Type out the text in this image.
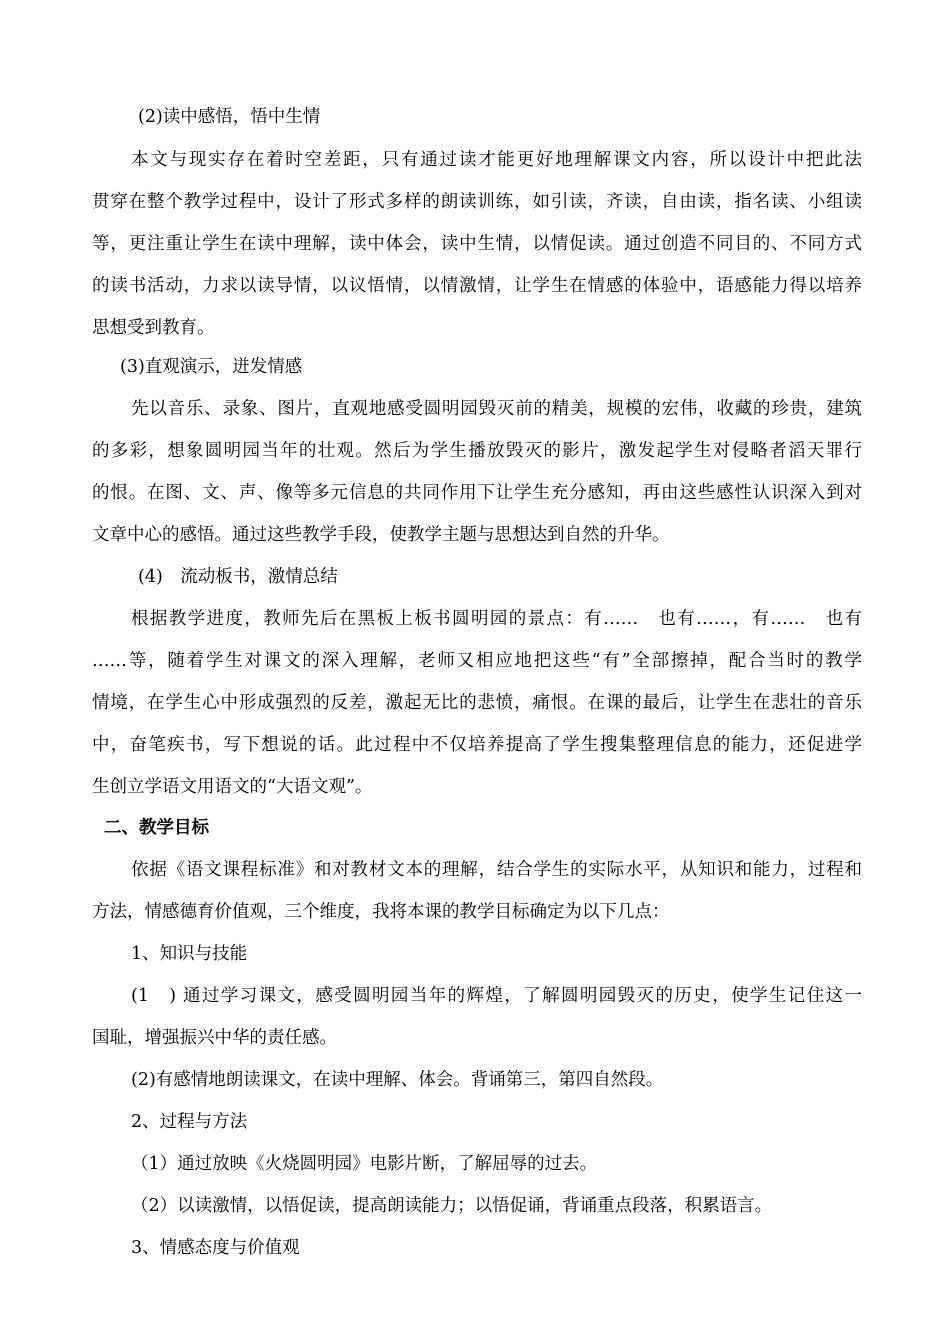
(2)读中感悟，悟中生情
本文与现实存在着时空差距，只有通过读才能更好地理解课文内容，所以设计中把此法
贯穿在整个教学过程中，设计了形式多样的朗读训练，如引读，齐读，自由读，指名读、小组读
等，更注重让学生在读中理解，读中体会，读中生情，以情促读。通过创造不同目的、不同方式
的读书活动，力求以读导情，以议悟情，以情激情，让学生在情感的体验中，语感能力得以培养
思想受到教育。
(3)直观演示，迸发情感
先以音乐、录象、图片，直观地感受圆明园毁灭前的精美，规模的宏伟，收藏的珍贵，建筑
的多彩，想象圆明园当年的壮观。然后为学生播放毁灭的影片，激发起学生对侵略者滔天罪行
的恨。在图、文、声、像等多元信息的共同作用下让学生充分感知，再由这些感性认识深入到对
文章中心的感悟。通过这些教学手段，使教学主题与思想达到自然的升华。
(4)　流动板书，激情总结
根据教学进度，教师先后在黑板上板书圆明园的景点：有……　也有……，有……　也有
……等，随着学生对课文的深入理解，老师又相应地把这些“有”全部擦掉，配合当时的教学
情境，在学生心中形成强烈的反差，激起无比的悲愤，痛恨。在课的最后，让学生在悲壮的音乐
中，奋笔疾书，写下想说的话。此过程中不仅培养提高了学生搜集整理信息的能力，还促进学
生创立学语文用语文的“大语文观”。
二、教学目标
依据《语文课程标准》和对教材文本的理解，结合学生的实际水平，从知识和能力，过程和
方法，情感德育价值观，三个维度，我将本课的教学目标确定为以下几点：
1、知识与技能
(1　) 通过学习课文，感受圆明园当年的辉煌，了解圆明园毁灭的历史，使学生记住这一
国耻，增强振兴中华的责任感。
(2)有感情地朗读课文，在读中理解、体会。背诵第三，第四自然段。
2、过程与方法
（1）通过放映《火烧圆明园》电影片断，了解屈辱的过去。
（2）以读激情，以悟促读，提高朗读能力；以悟促诵，背诵重点段落，积累语言。
3、情感态度与价值观
